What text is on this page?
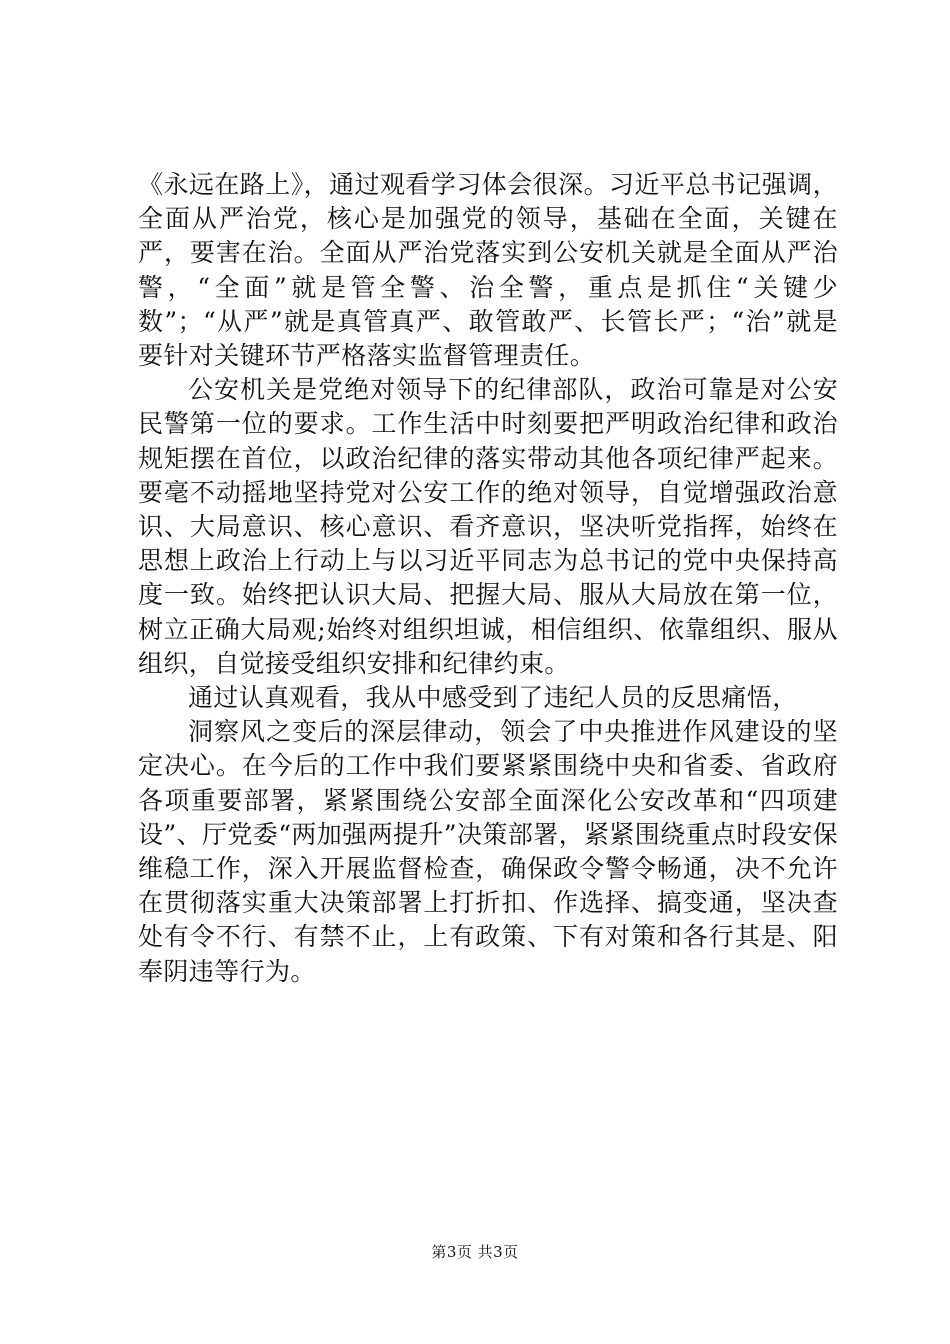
《永远在路上》，通过观看学习体会很深。习近平总书记强调，全面从严治党，核心是加强党的领导，基础在全面，关键在严，要害在治。全面从严治党落实到公安机关就是全面从严治警，“全面”就是管全警、治全警，重点是抓住“关键少数”；“从严”就是真管真严、敢管敢严、长管长严；“治”就是要针对关键环节严格落实监督管理责任。

公安机关是党绝对领导下的纪律部队，政治可靠是对公安民警第一位的要求。工作生活中时刻要把严明政治纪律和政治规矩摆在首位，以政治纪律的落实带动其他各项纪律严起来。要毫不动摇地坚持党对公安工作的绝对领导，自觉增强政治意识、大局意识、核心意识、看齐意识，坚决听党指挥，始终在思想上政治上行动上与以习近平同志为总书记的党中央保持高度一致。始终把认识大局、把握大局、服从大局放在第一位，树立正确大局观;始终对组织坦诚，相信组织、依靠组织、服从组织，自觉接受组织安排和纪律约束。

通过认真观看，我从中感受到了违纪人员的反思痛悟，

洞察风之变后的深层律动，领会了中央推进作风建设的坚定决心。在今后的工作中我们要紧紧围绕中央和省委、省政府各项重要部署，紧紧围绕公安部全面深化公安改革和“四项建设”、厅党委“两加强两提升”决策部署，紧紧围绕重点时段安保维稳工作，深入开展监督检查，确保政令警令畅通，决不允许在贯彻落实重大决策部署上打折扣、作选择、搞变通，坚决查处有令不行、有禁不止，上有政策、下有对策和各行其是、阳奉阴违等行为。

第3页 共3页
